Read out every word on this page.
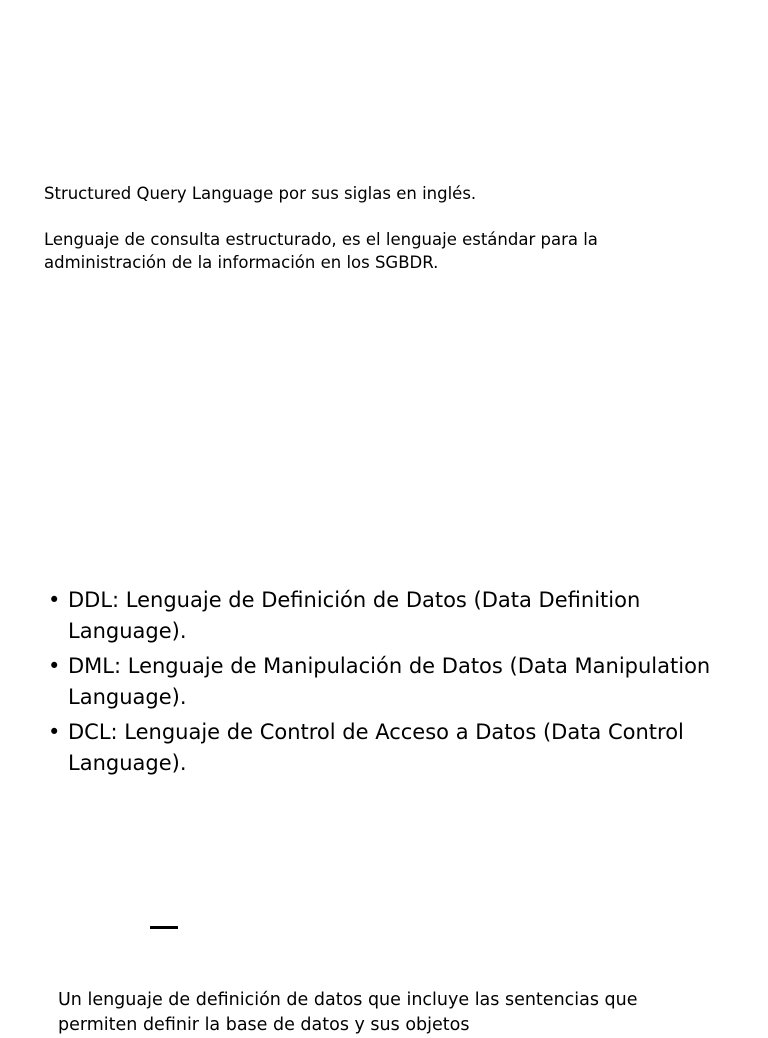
Structured Query Language por sus siglas en inglés.

Lenguaje de consulta estructurado, es el lenguaje estándar para la administración de la información en los SGBDR.

• DDL: Lenguaje de Definición de Datos (Data Definition Language).
• DML: Lenguaje de Manipulación de Datos (Data Manipulation Language).
• DCL: Lenguaje de Control de Acceso a Datos (Data Control Language).

Un lenguaje de definición de datos que incluye las sentencias que

permiten definir la base de datos y sus objetos
